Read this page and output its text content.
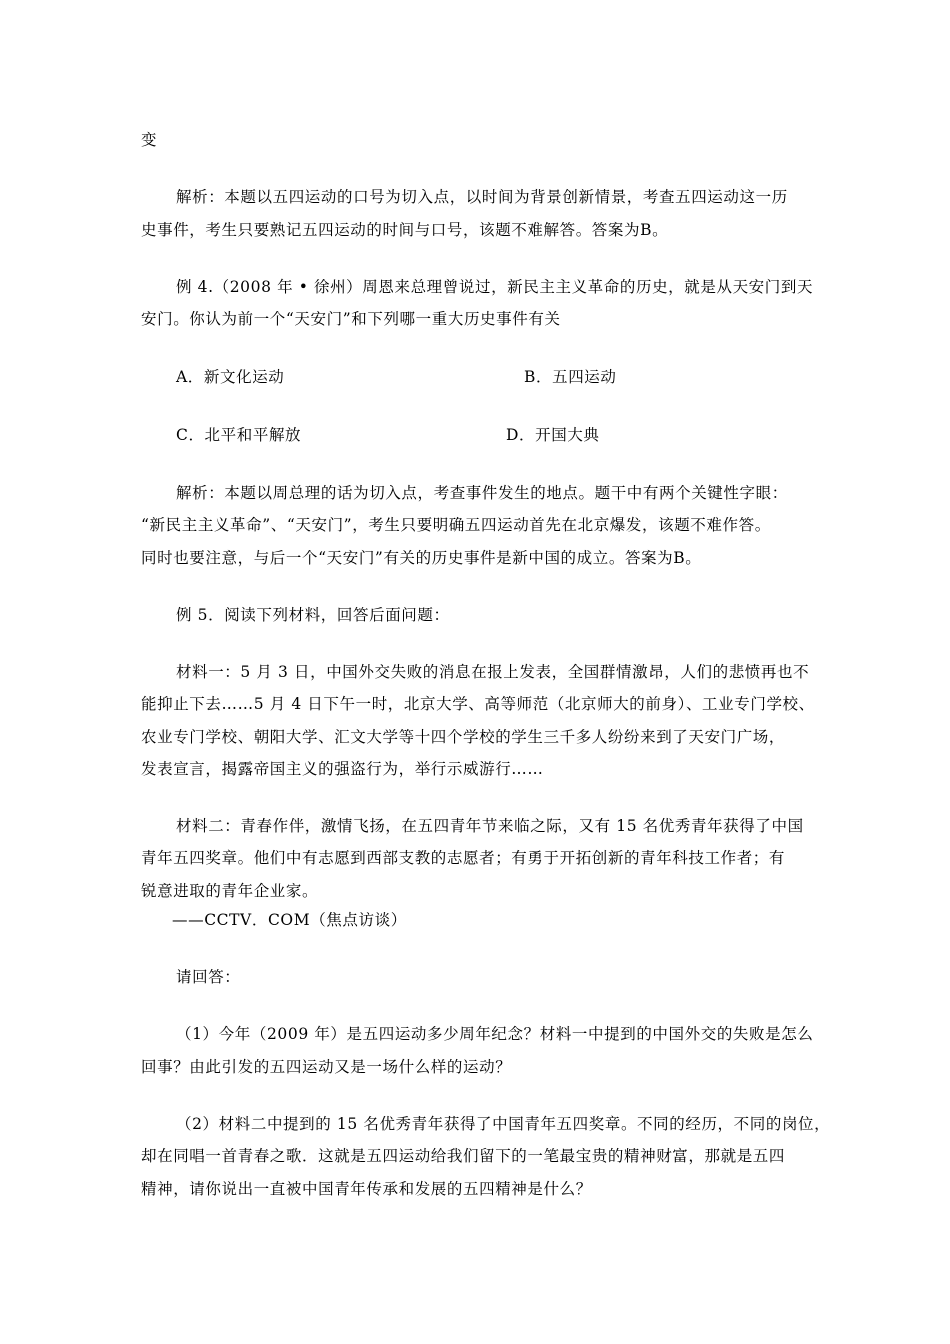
变
解析：本题以五四运动的口号为切入点，以时间为背景创新情景，考查五四运动这一历
史事件，考生只要熟记五四运动的时间与口号，该题不难解答。答案为B。
例 4.（2008 年 • 徐州）周恩来总理曾说过，新民主主义革命的历史，就是从天安门到天
安门。你认为前一个“天安门”和下列哪一重大历史事件有关
A．新文化运动	B．五四运动
C．北平和平解放	D．开国大典
解析：本题以周总理的话为切入点，考查事件发生的地点。题干中有两个关键性字眼：
“新民主主义革命”、“天安门”，考生只要明确五四运动首先在北京爆发，该题不难作答。
同时也要注意，与后一个“天安门”有关的历史事件是新中国的成立。答案为B。
例 5．阅读下列材料，回答后面问题：
材料一：5 月 3 日，中国外交失败的消息在报上发表，全国群情激昂，人们的悲愤再也不
能抑止下去……5 月 4 日下午一时，北京大学、高等师范（北京师大的前身）、工业专门学校、
农业专门学校、朝阳大学、汇文大学等十四个学校的学生三千多人纷纷来到了天安门广场，
发表宣言，揭露帝国主义的强盗行为，举行示威游行……
材料二：青春作伴，激情飞扬，在五四青年节来临之际，又有 15 名优秀青年获得了中国
青年五四奖章。他们中有志愿到西部支教的志愿者；有勇于开拓创新的青年科技工作者；有
锐意进取的青年企业家。
——CCTV．COM（焦点访谈）
请回答：
（1）今年（2009 年）是五四运动多少周年纪念？材料一中提到的中国外交的失败是怎么
回事？由此引发的五四运动又是一场什么样的运动？
（2）材料二中提到的 15 名优秀青年获得了中国青年五四奖章。不同的经历，不同的岗位，
却在同唱一首青春之歌．这就是五四运动给我们留下的一笔最宝贵的精神财富，那就是五四
精神，请你说出一直被中国青年传承和发展的五四精神是什么？
